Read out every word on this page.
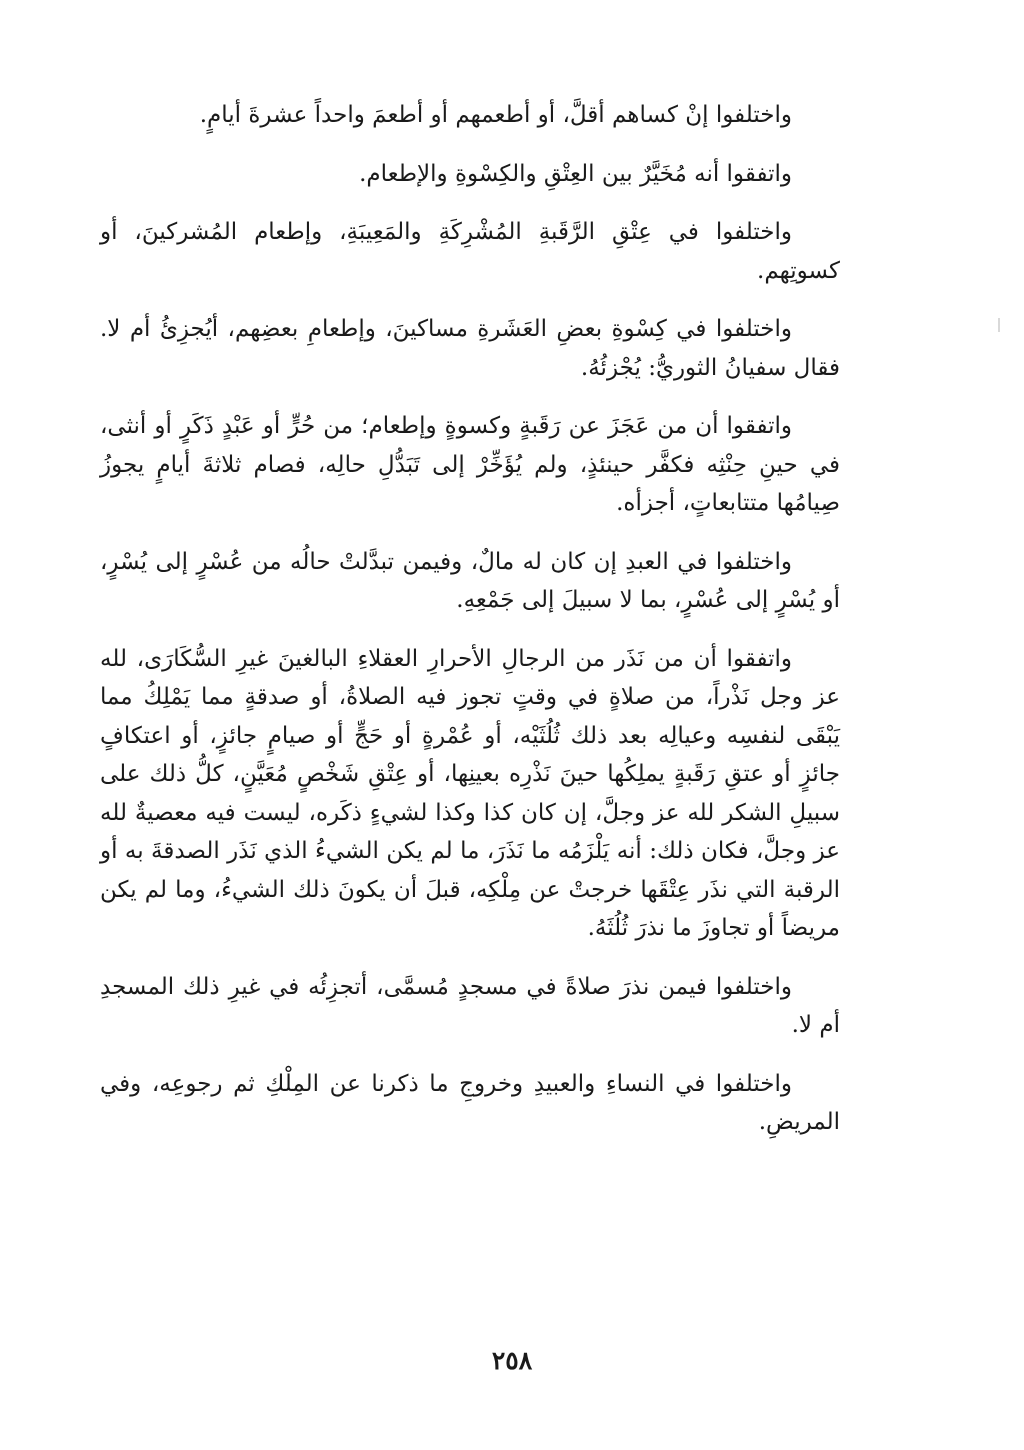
واختلفوا إنْ كساهم أقلَّ، أو أطعمهم أو أطعمَ واحداً عشرةَ أيامٍ.

واتفقوا أنه مُخَيَّرٌ بين العِتْقِ والكِسْوةِ والإطعام.

واختلفوا في عِتْقِ الرَّقَبةِ المُشْرِكَةِ والمَعِيبَةِ، وإطعام المُشركينَ، أو كسوتِهم.

واختلفوا في كِسْوةِ بعضِ العَشَرةِ مساكينَ، وإطعامِ بعضِهم، أيُجزِئُ أم لا. فقال سفيانُ الثوريُّ: يُجْزئُهُ.

واتفقوا أن من عَجَزَ عن رَقَبةٍ وكسوةٍ وإطعام؛ من حُرٍّ أو عَبْدٍ ذَكَرٍ أو أنثى، في حينِ حِنْثِه فكفَّر حينئذٍ، ولم يُؤَخِّرْ إلى تَبَدُّلِ حالِه، فصام ثلاثةَ أيامٍ يجوزُ صِيامُها متتابعاتٍ، أجزأه.

واختلفوا في العبدِ إن كان له مالٌ، وفيمن تبدَّلتْ حالُه من عُسْرٍ إلى يُسْرٍ، أو يُسْرٍ إلى عُسْرٍ، بما لا سبيلَ إلى جَمْعِهِ.

واتفقوا أن من نَذَر من الرجالِ الأحرارِ العقلاءِ البالغينَ غيرِ السُّكَارَى، لله عز وجل نَذْراً، من صلاةٍ في وقتٍ تجوز فيه الصلاةُ، أو صدقةٍ مما يَمْلِكُ مما يَبْقَى لنفسِه وعيالِه بعد ذلك ثُلُثَيْه، أو عُمْرةٍ أو حَجٍّ أو صيامٍ جائزٍ، أو اعتكافٍ جائزٍ أو عتقِ رَقَبةٍ يملِكُها حينَ نَذْرِه بعينِها، أو عِتْقِ شَخْصٍ مُعَيَّنٍ، كلُّ ذلك على سبيلِ الشكر لله عز وجلَّ، إن كان كذا وكذا لشيءٍ ذكَره، ليست فيه معصيةٌ لله عز وجلَّ، فكان ذلك: أنه يَلْزَمُه ما نَذَرَ، ما لم يكن الشيءُ الذي نَذَر الصدقةَ به أو الرقبة التي نذَر عِتْقَها خرجتْ عن مِلْكِه، قبلَ أن يكونَ ذلك الشيءُ، وما لم يكن مريضاً أو تجاوزَ ما نذرَ ثُلُثَهُ.

واختلفوا فيمن نذرَ صلاةً في مسجدٍ مُسمَّى، أتجزِئُه في غيرِ ذلك المسجدِ أم لا.

واختلفوا في النساءِ والعبيدِ وخروجِ ما ذكرنا عن المِلْكِ ثم رجوعِه، وفي المريضِ.

٢٥٨
